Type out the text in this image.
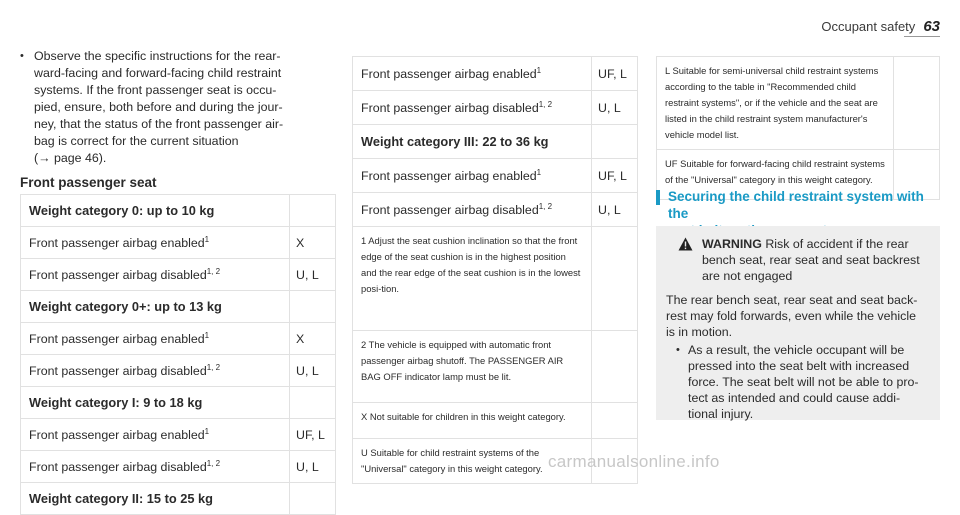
Occupant safety 63
• Observe the specific instructions for the rear-
ward-facing and forward-facing child restraint
systems. If the front passenger seat is occu-
pied, ensure, both before and during the jour-
ney, that the status of the front passenger air-
bag is correct for the current situation
(→ page 46).
Front passenger seat
Weight category 0: up to 10 kg	
Front passenger airbag enabled$^1$	X
Front passenger airbag disabled$^{1, 2}$	U, L
Weight category 0+: up to 13 kg	
Front passenger airbag enabled$^1$	X
Front passenger airbag disabled$^{1, 2}$	U, L
Weight category I: 9 to 18 kg	
Front passenger airbag enabled$^1$	UF, L
Front passenger airbag disabled$^{1, 2}$	U, L
Weight category II: 15 to 25 kg	
Front passenger airbag enabled$^1$	UF, L
Front passenger airbag disabled$^{1, 2}$	U, L
Weight category III: 22 to 36 kg	
Front passenger airbag enabled$^1$	UF, L
Front passenger airbag disabled$^{1, 2}$	U, L
1 Adjust the seat cushion inclination so that the front edge of the seat cushion is in the highest position and the rear edge of the seat cushion is in the lowest posi-tion.	
2 The vehicle is equipped with automatic front passenger airbag shutoff. The PASSENGER AIR BAG OFF indicator lamp must be lit.	
X Not suitable for children in this weight category.	
U Suitable for child restraint systems of the "Universal" category in this weight category.	
L Suitable for semi-universal child restraint systems according to the table in "Recommended child restraint systems", or if the vehicle and the seat are listed in the child restraint system manufacturer's vehicle model list.	
UF Suitable for forward-facing child restraint systems of the "Universal" category in this weight category.	
Securing the child restraint system with the

WARNING Risk of accident if the rear
bench seat, rear seat and seat backrest
are not engaged
The rear bench seat, rear seat and seat back-
rest may fold forwards, even while the vehicle
is in motion.
• As a result, the vehicle occupant will be
pressed into the seat belt with increased
force. The seat belt will not be able to pro-
tect as intended and could cause addi-
tional injury.
carmanualsonline.info
